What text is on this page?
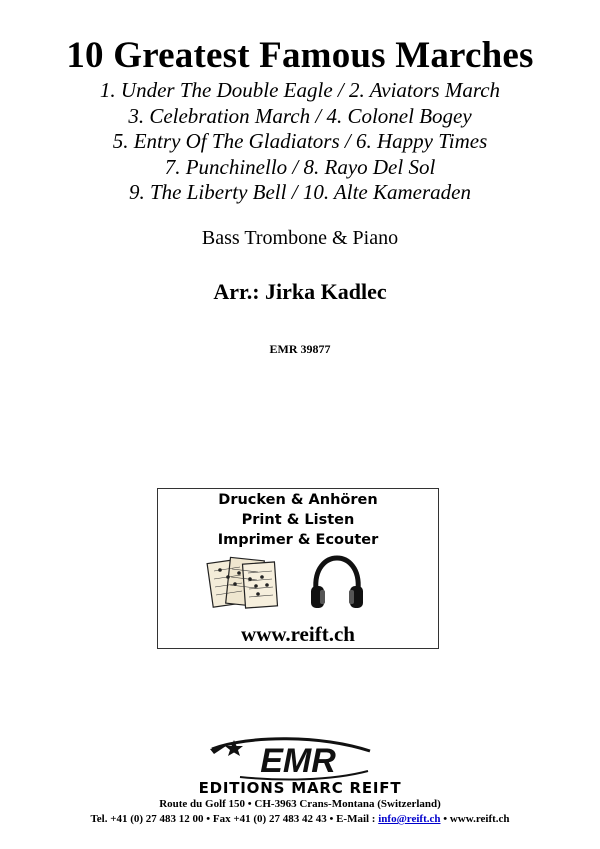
10 Greatest Famous Marches
1. Under The Double Eagle / 2. Aviators March
3. Celebration March / 4. Colonel Bogey
5. Entry Of The Gladiators / 6. Happy Times
7. Punchinello / 8. Rayo Del Sol
9. The Liberty Bell / 10. Alte Kameraden
Bass Trombone & Piano
Arr.: Jirka Kadlec
EMR 39877
Drucken & Anhören
Print & Listen
Imprimer & Ecouter
www.reift.ch
EMR
EDITIONS MARC REIFT
Route du Golf 150 • CH-3963 Crans-Montana (Switzerland)
Tel. +41 (0) 27 483 12 00 • Fax +41 (0) 27 483 42 43 • E-Mail : info@reift.ch • www.reift.ch
